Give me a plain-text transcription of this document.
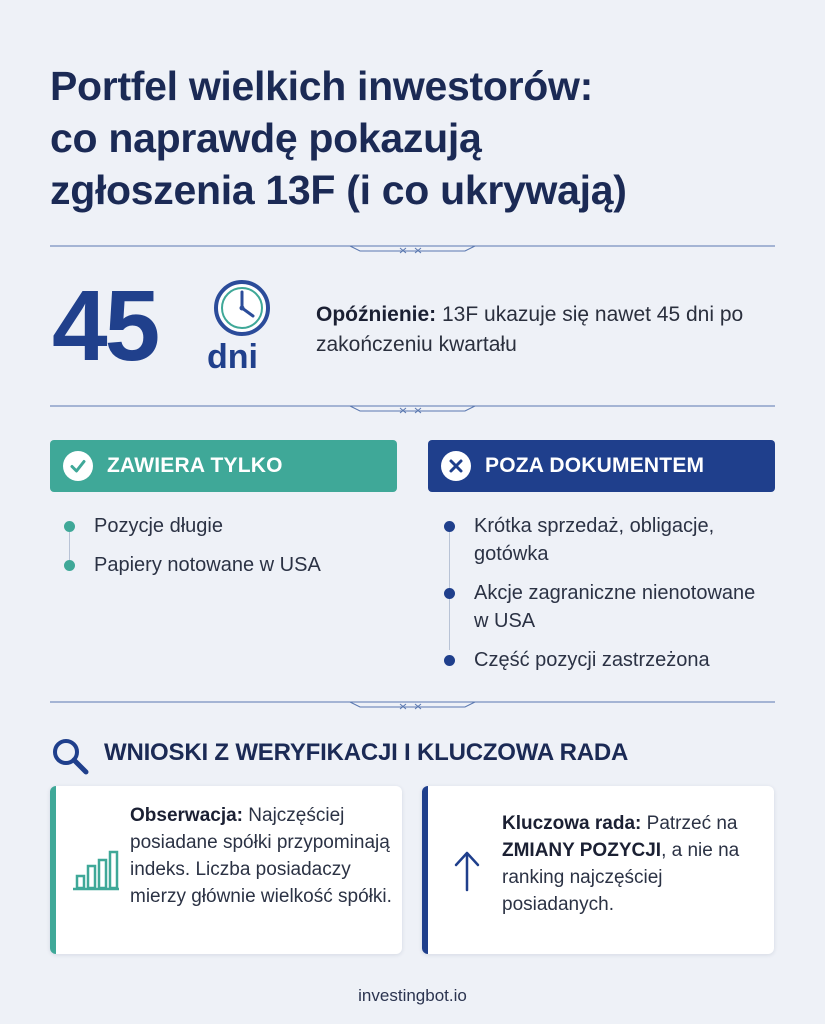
Portfel wielkich inwestorów:
co naprawdę pokazują
zgłoszenia 13F (i co ukrywają)
45 dni
Opóźnienie: 13F ukazuje się nawet 45 dni po zakończeniu kwartału
ZAWIERA TYLKO	POZA DOKUMENTEM
Pozycje długie
Papiery notowane w USA
Krótka sprzedaż, obligacje, gotówka
Akcje zagraniczne nienotowane w USA
Część pozycji zastrzeżona
WNIOSKI Z WERYFIKACJI I KLUCZOWA RADA
Obserwacja: Najczęściej posiadane spółki przypominają indeks. Liczba posiadaczy mierzy głównie wielkość spółki.
Kluczowa rada: Patrzeć na ZMIANY POZYCJI, a nie na ranking najczęściej posiadanych.
investingbot.io
